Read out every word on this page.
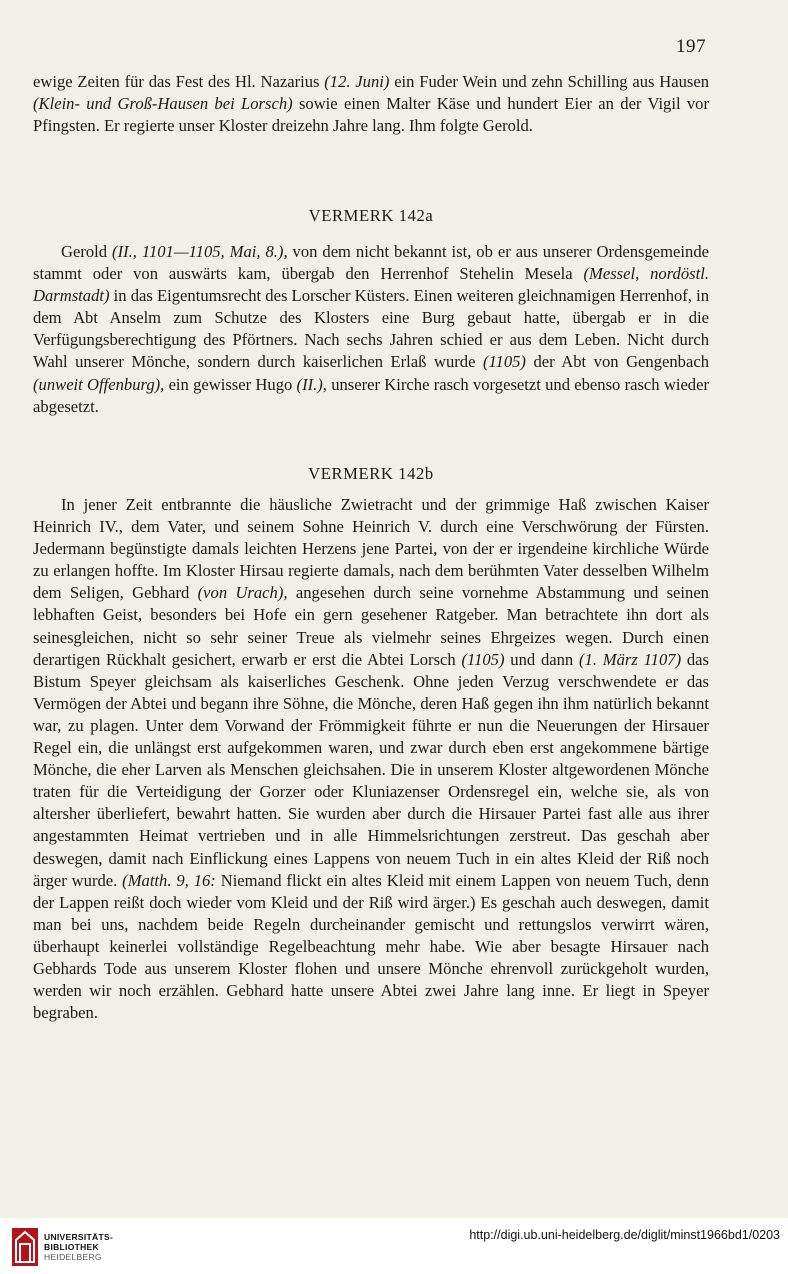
197

ewige Zeiten für das Fest des Hl. Nazarius (12. Juni) ein Fuder Wein und zehn Schilling aus Hausen (Klein- und Groß-Hausen bei Lorsch) sowie einen Malter Käse und hundert Eier an der Vigil vor Pfingsten. Er regierte unser Kloster dreizehn Jahre lang. Ihm folgte Gerold.

VERMERK 142a

Gerold (II., 1101—1105, Mai, 8.), von dem nicht bekannt ist, ob er aus unserer Ordensgemeinde stammt oder von auswärts kam, übergab den Herrenhof Stehelin Mesela (Messel, nordöstl. Darmstadt) in das Eigentumsrecht des Lorscher Küsters. Einen weiteren gleichnamigen Herrenhof, in dem Abt Anselm zum Schutze des Klosters eine Burg gebaut hatte, übergab er in die Verfügungsberechtigung des Pförtners. Nach sechs Jahren schied er aus dem Leben. Nicht durch Wahl unserer Mönche, sondern durch kaiserlichen Erlaß wurde (1105) der Abt von Gengenbach (unweit Offenburg), ein gewisser Hugo (II.), unserer Kirche rasch vorgesetzt und ebenso rasch wieder abgesetzt.

VERMERK 142b

In jener Zeit entbrannte die häusliche Zwietracht und der grimmige Haß zwischen Kaiser Heinrich IV., dem Vater, und seinem Sohne Heinrich V. durch eine Verschwörung der Fürsten. Jedermann begünstigte damals leichten Herzens jene Partei, von der er irgendeine kirchliche Würde zu erlangen hoffte. Im Kloster Hirsau regierte damals, nach dem berühmten Vater desselben Wilhelm dem Seligen, Gebhard (von Urach), angesehen durch seine vornehme Abstammung und seinen lebhaften Geist, besonders bei Hofe ein gern gesehener Ratgeber. Man betrachtete ihn dort als seinesgleichen, nicht so sehr seiner Treue als vielmehr seines Ehrgeizes wegen. Durch einen derartigen Rückhalt gesichert, erwarb er erst die Abtei Lorsch (1105) und dann (1. März 1107) das Bistum Speyer gleichsam als kaiserliches Geschenk. Ohne jeden Verzug verschwendete er das Vermögen der Abtei und begann ihre Söhne, die Mönche, deren Haß gegen ihn ihm natürlich bekannt war, zu plagen. Unter dem Vorwand der Frömmigkeit führte er nun die Neuerungen der Hirsauer Regel ein, die unlängst erst aufgekommen waren, und zwar durch eben erst angekommene bärtige Mönche, die eher Larven als Menschen gleichsahen. Die in unserem Kloster altgewordenen Mönche traten für die Verteidigung der Gorzer oder Kluniazenser Ordensregel ein, welche sie, als von altersher überliefert, bewahrt hatten. Sie wurden aber durch die Hirsauer Partei fast alle aus ihrer angestammten Heimat vertrieben und in alle Himmelsrichtungen zerstreut. Das geschah aber deswegen, damit nach Einflickung eines Lappens von neuem Tuch in ein altes Kleid der Riß noch ärger wurde. (Matth. 9, 16: Niemand flickt ein altes Kleid mit einem Lappen von neuem Tuch, denn der Lappen reißt doch wieder vom Kleid und der Riß wird ärger.) Es geschah auch deswegen, damit man bei uns, nachdem beide Regeln durcheinander gemischt und rettungslos verwirrt wären, überhaupt keinerlei vollständige Regelbeachtung mehr habe. Wie aber besagte Hirsauer nach Gebhards Tode aus unserem Kloster flohen und unsere Mönche ehrenvoll zurückgeholt wurden, werden wir noch erzählen. Gebhard hatte unsere Abtei zwei Jahre lang inne. Er liegt in Speyer begraben.

UNIVERSITÄTS-
BIBLIOTHEK
HEIDELBERG
http://digi.ub.uni-heidelberg.de/diglit/minst1966bd1/0203
